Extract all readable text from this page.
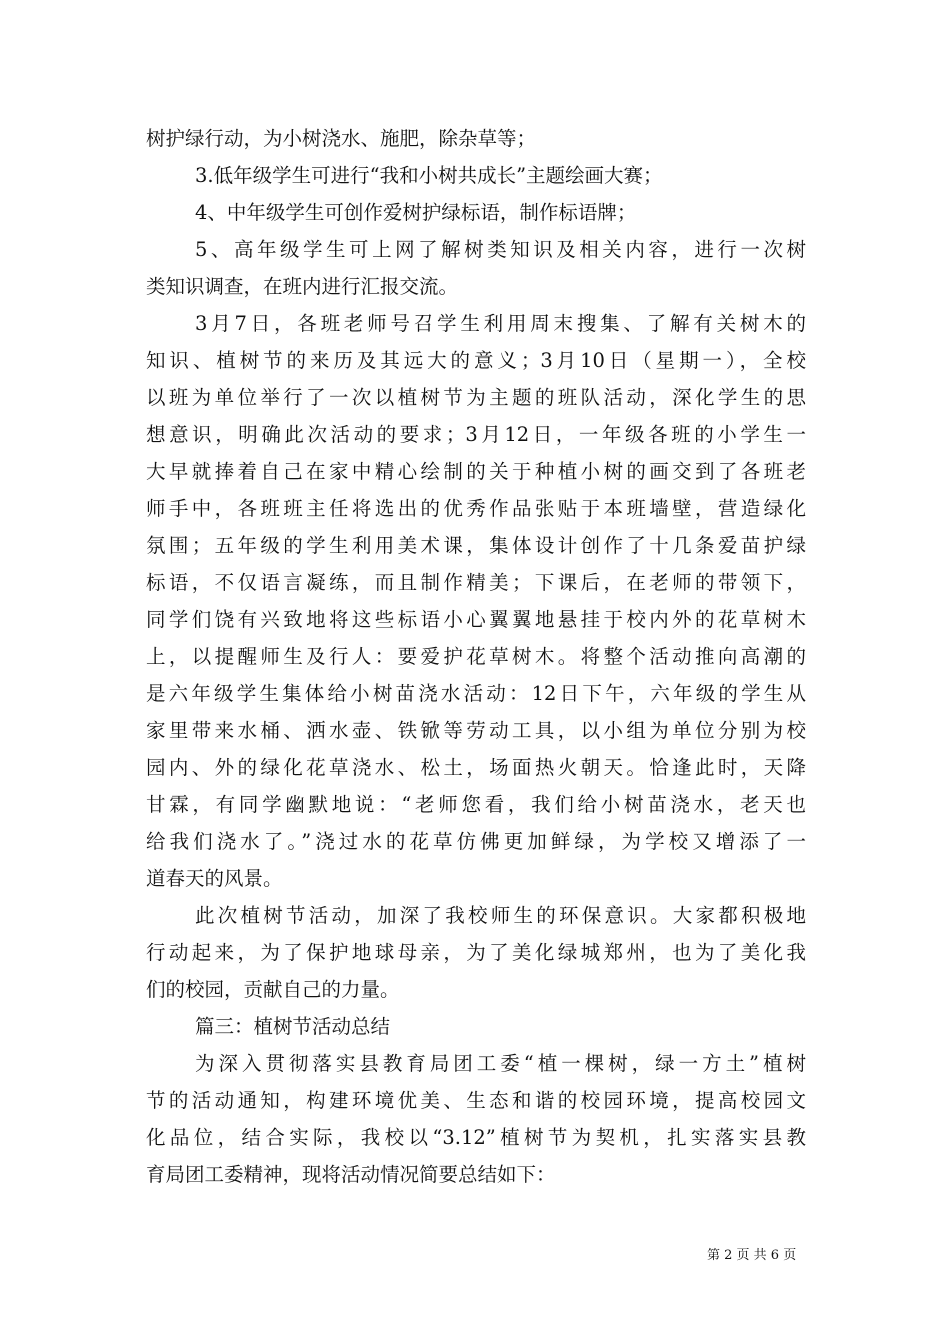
树护绿行动，为小树浇水、施肥，除杂草等；
3.低年级学生可进行“我和小树共成长”主题绘画大赛；
4、中年级学生可创作爱树护绿标语，制作标语牌；
5、高年级学生可上网了解树类知识及相关内容，进行一次树
类知识调查，在班内进行汇报交流。
3月7日，各班老师号召学生利用周末搜集、了解有关树木的
知识、植树节的来历及其远大的意义；3月10日（星期一），全校
以班为单位举行了一次以植树节为主题的班队活动，深化学生的思
想意识，明确此次活动的要求；3月12日，一年级各班的小学生一
大早就捧着自己在家中精心绘制的关于种植小树的画交到了各班老
师手中，各班班主任将选出的优秀作品张贴于本班墙壁，营造绿化
氛围；五年级的学生利用美术课，集体设计创作了十几条爱苗护绿
标语，不仅语言凝练，而且制作精美；下课后，在老师的带领下，
同学们饶有兴致地将这些标语小心翼翼地悬挂于校内外的花草树木
上，以提醒师生及行人：要爱护花草树木。将整个活动推向高潮的
是六年级学生集体给小树苗浇水活动：12日下午，六年级的学生从
家里带来水桶、洒水壶、铁锨等劳动工具，以小组为单位分别为校
园内、外的绿化花草浇水、松土，场面热火朝天。恰逢此时，天降
甘霖，有同学幽默地说：“老师您看，我们给小树苗浇水，老天也
给我们浇水了。”浇过水的花草仿佛更加鲜绿，为学校又增添了一
道春天的风景。
此次植树节活动，加深了我校师生的环保意识。大家都积极地
行动起来，为了保护地球母亲，为了美化绿城郑州，也为了美化我
们的校园，贡献自己的力量。
篇三：植树节活动总结
为深入贯彻落实县教育局团工委“植一棵树，绿一方土”植树
节的活动通知，构建环境优美、生态和谐的校园环境，提高校园文
化品位，结合实际，我校以“3.12”植树节为契机，扎实落实县教
育局团工委精神，现将活动情况简要总结如下：
第 2 页 共 6 页
